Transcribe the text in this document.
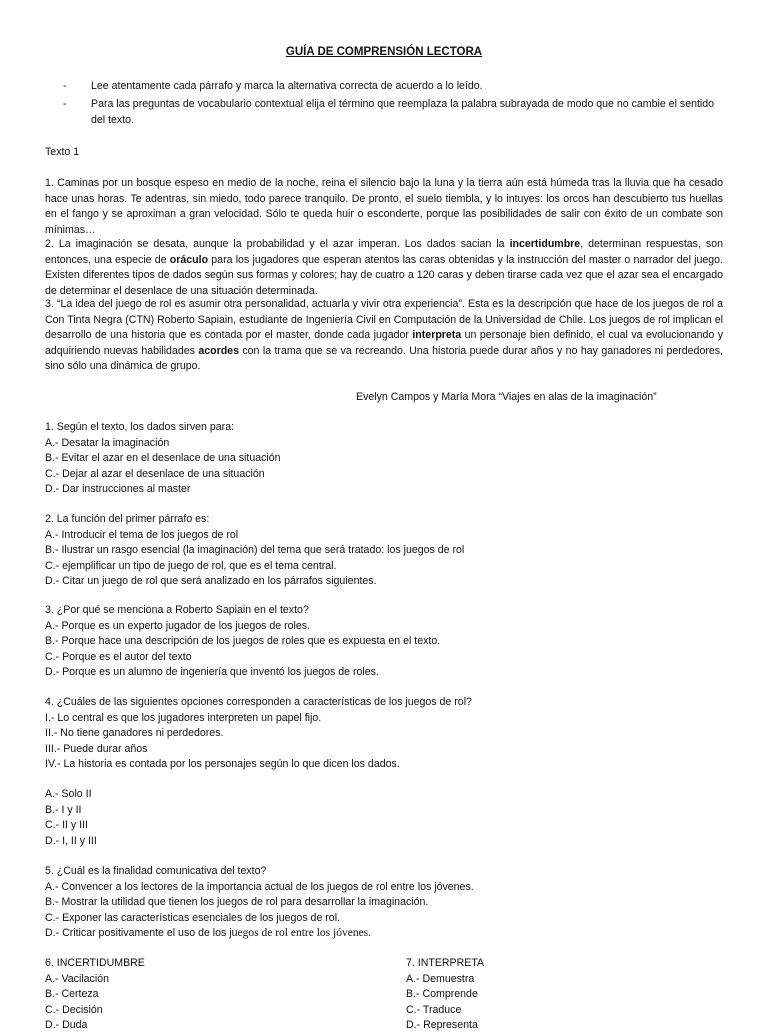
GUÍA DE COMPRENSIÓN LECTORA
- Lee atentamente cada párrafo y marca la alternativa correcta de acuerdo a lo leído.
- Para las preguntas de vocabulario contextual elija el término que reemplaza la palabra subrayada de modo que no cambie el sentido del texto.
Texto 1
1. Caminas por un bosque espeso en medio de la noche, reina el silencio bajo la luna y la tierra aún está húmeda tras la lluvia que ha cesado hace unas horas. Te adentras, sin miedo, todo parece tranquilo. De pronto, el suelo tiembla, y lo intuyes: los orcos han descubierto tus huellas en el fango y se aproximan a gran velocidad. Sólo te queda huir o esconderte, porque las posibilidades de salir con éxito de un combate son mínimas…
2. La imaginación se desata, aunque la probabilidad y el azar imperan. Los dados sacian la incertidumbre, determinan respuestas, son entonces, una especie de oráculo para los jugadores que esperan atentos las caras obtenidas y la instrucción del master o narrador del juego. Existen diferentes tipos de dados según sus formas y colores; hay de cuatro a 120 caras y deben tirarse cada vez que el azar sea el encargado de determinar el desenlace de una situación determinada.
3. “La idea del juego de rol es asumir otra personalidad, actuarla y vivir otra experiencia”. Esta es la descripción que hace de los juegos de rol a Con Tinta Negra (CTN) Roberto Sapiain, estudiante de Ingeniería Civil en Computación de la Universidad de Chile. Los juegos de rol implican el desarrollo de una historia que es contada por el master, donde cada jugador interpreta un personaje bien definido, el cual va evolucionando y adquiriendo nuevas habilidades acordes con la trama que se va recreando. Una historia puede durar años y no hay ganadores ni perdedores, sino sólo una dinámica de grupo.
Evelyn Campos y María Mora “Viajes en alas de la imaginación”
1. Según el texto, los dados sirven para:
A.- Desatar la imaginación
B.- Evitar el azar en el desenlace de una situación
C.- Dejar al azar el desenlace de una situación
D.- Dar instrucciones al master
2. La función del primer párrafo es:
A.- Introducir el tema de los juegos de rol
B.- Ilustrar un rasgo esencial (la imaginación) del tema que será tratado: los juegos de rol
C.- ejemplificar un tipo de juego de rol, que es el tema central.
D.- Citar un juego de rol que será analizado en los párrafos siguientes.
3. ¿Por qué se menciona a Roberto Sapiain en el texto?
A.- Porque es un experto jugador de los juegos de roles.
B.- Porque hace una descripción de los juegos de roles que es expuesta en el texto.
C.- Porque es el autor del texto
D.- Porque es un alumno de ingeniería que inventó los juegos de roles.
4. ¿Cuáles de las siguientes opciones corresponden a características de los juegos de rol?
I.- Lo central es que los jugadores interpreten un papel fijo.
II.- No tiene ganadores ni perdedores.
III.- Puede durar años
IV.- La historia es contada por los personajes según lo que dicen los dados.
A.- Solo II
B.- I y II
C.- II y III
D.- I, II y III
5. ¿Cuál es la finalidad comunicativa del texto?
A.- Convencer a los lectores de la importancia actual de los juegos de rol entre los jóvenes.
B.- Mostrar la utilidad que tienen los juegos de rol para desarrollar la imaginación.
C.- Exponer las características esenciales de los juegos de rol.
D.- Criticar positivamente el uso de los juegos de rol entre los jóvenes.
6. INCERTIDUMBRE
A.- Vacilación
B.- Certeza
C.- Decisión
D.- Duda
7. INTERPRETA
A.- Demuestra
B.- Comprende
C.- Traduce
D.- Representa
